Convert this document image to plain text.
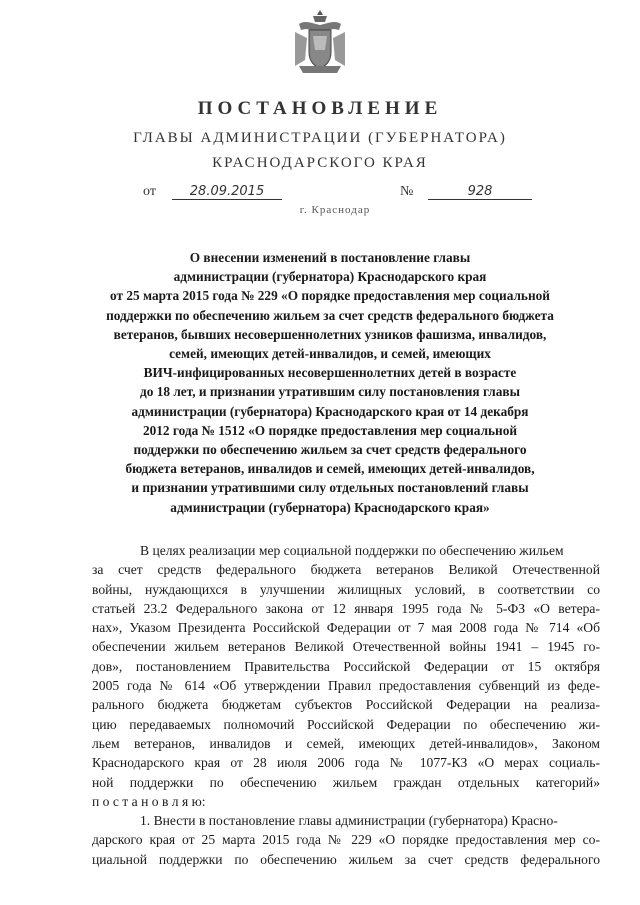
ПОСТАНОВЛЕНИЕ
ГЛАВЫ АДМИНИСТРАЦИИ (ГУБЕРНАТОРА)
КРАСНОДАРСКОГО КРАЯ
от	28.09.2015	№	928
г. Краснодар
О внесении изменений в постановление главы
администрации (губернатора) Краснодарского края
от 25 марта 2015 года № 229 «О порядке предоставления мер социальной
поддержки по обеспечению жильем за счет средств федерального бюджета
ветеранов, бывших несовершеннолетних узников фашизма, инвалидов,
семей, имеющих детей-инвалидов, и семей, имеющих
ВИЧ-инфицированных несовершеннолетних детей в возрасте
до 18 лет, и признании утратившим силу постановления главы
администрации (губернатора) Краснодарского края от 14 декабря
2012 года № 1512 «О порядке предоставления мер социальной
поддержки по обеспечению жильем за счет средств федерального
бюджета ветеранов, инвалидов и семей, имеющих детей-инвалидов,
и признании утратившими силу отдельных постановлений главы
администрации (губернатора) Краснодарского края»
В целях реализации мер социальной поддержки по обеспечению жильем
за счет средств федерального бюджета ветеранов Великой Отечественной
войны, нуждающихся в улучшении жилищных условий, в соответствии со
статьей 23.2 Федерального закона от 12 января 1995 года № 5-ФЗ «О ветера-
нах», Указом Президента Российской Федерации от 7 мая 2008 года № 714 «Об
обеспечении жильем ветеранов Великой Отечественной войны 1941 – 1945 го-
дов», постановлением Правительства Российской Федерации от 15 октября
2005 года № 614 «Об утверждении Правил предоставления субвенций из феде-
рального бюджета бюджетам субъектов Российской Федерации на реализа-
цию передаваемых полномочий Российской Федерации по обеспечению жи-
льем ветеранов, инвалидов и семей, имеющих детей-инвалидов», Законом
Краснодарского края от 28 июля 2006 года № 1077-КЗ «О мерах социаль-
ной поддержки по обеспечению жильем граждан отдельных категорий»
п о с т а н о в л я ю:
1. Внести в постановление главы администрации (губернатора) Красно-
дарского края от 25 марта 2015 года № 229 «О порядке предоставления мер со-
циальной поддержки по обеспечению жильем за счет средств федерального
